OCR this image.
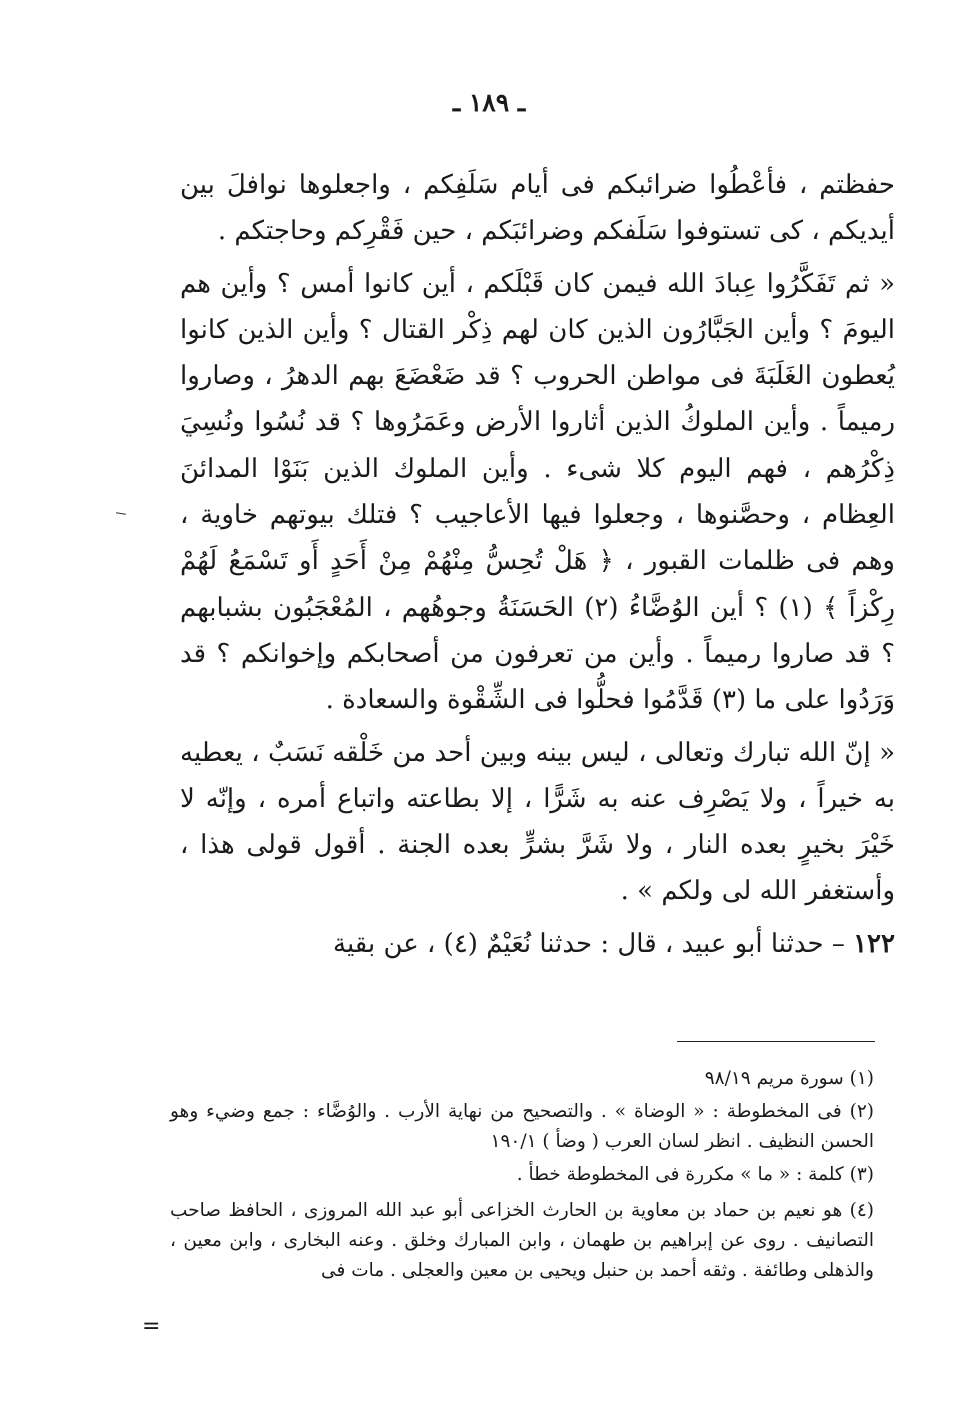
ـ ١٨٩ ـ

حفظتم ، فأعْطُوا ضرائبكم فى أيام سَلَفِكم ، واجعلوها نوافلَ بين أيديكم ، كى تستوفوا سَلَفكم وضرائبَكم ، حين فَقْرِكم وحاجتكم .

« ثم تَفَكَّرُوا عِبادَ الله فيمن كان قَبْلَكم ، أين كانوا أمس ؟ وأين هم اليومَ ؟ وأين الجَبَّارُون الذين كان لهم ذِكْر القتال ؟ وأين الذين كانوا يُعطون الغَلَبَةَ فى مواطن الحروب ؟ قد ضَعْضَعَ بهم الدهرُ ، وصاروا رميماً . وأين الملوكُ الذين أثاروا الأرض وعَمَرُوها ؟ قد نُسُوا ونُسِيَ ذِكْرُهم ، فهم اليوم كلا شىء . وأين الملوك الذين بَنَوْا المدائنَ العِظام ، وحصَّنوها ، وجعلوا فيها الأعاجيب ؟ فتلك بيوتهم خاوية ، وهم فى ظلمات القبور ، ﴿ هَلْ تُحِسُّ مِنْهُمْ مِنْ أَحَدٍ أَو تَسْمَعُ لَهُمْ رِكْزاً ﴾ (١) ؟ أين الوُضَّاءُ (٢) الحَسَنَةُ وجوهُهم ، المُعْجَبُون بشبابهم ؟ قد صاروا رميماً . وأين من تعرفون من أصحابكم وإخوانكم ؟ قد وَرَدُوا على ما (٣) قَدَّمُوا فحلُّوا فى الشِّقْوة والسعادة .

« إنّ الله تبارك وتعالى ، ليس بينه وبين أحد من خَلْقه نَسَبٌ ، يعطيه به خيراً ، ولا يَصْرِف عنه به شَرًّا ، إلا بطاعته واتباع أمره ، وإنّه لا خَيْرَ بخيرٍ بعده النار ، ولا شَرَّ بشرٍّ بعده الجنة . أقول قولى هذا ، وأستغفر الله لى ولكم » .

١٢٢ – حدثنا أبو عبيد ، قال : حدثنا نُعَيْمٌ (٤) ، عن بقية

(١) سورة مريم ٩٨/١٩

(٢) فى المخطوطة : « الوضاة » . والتصحيح من نهاية الأرب . والوُضَّاء : جمع وضيء وهو الحسن النظيف . انظر لسان العرب ( وضأ ) ١٩٠/١

(٣) كلمة : « ما » مكررة فى المخطوطة خطأ .

(٤) هو نعيم بن حماد بن معاوية بن الحارث الخزاعى أبو عبد الله المروزى ، الحافظ صاحب التصانيف . روى عن إبراهيم بن طهمان ، وابن المبارك وخلق . وعنه البخارى ، وابن معين ، والذهلى وطائفة . وثقه أحمد بن حنبل ويحيى بن معين والعجلى . مات فى

=
